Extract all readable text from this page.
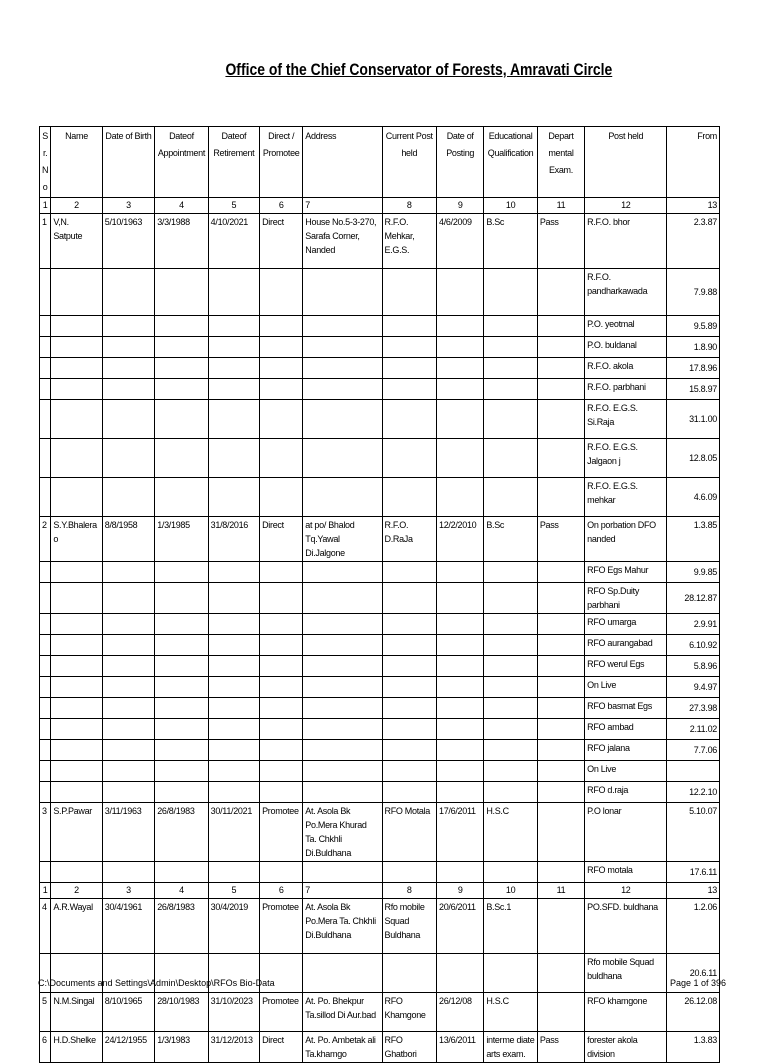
Office of the Chief Conservator of Forests, Amravati Circle
Sr. No	Name	Date of Birth	Dateof Appointment	Dateof Retirement	Direct / Promotee	Address	Current Post held	Date of Posting	Educational Qualification	Depart mental Exam.	Post held	From
1	2	3	4	5	6	7	8	9	10	11	12	13
1	V,N. Satpute	5/10/1963	3/3/1988	4/10/2021	Direct	House No.5-3-270, Sarafa Corner, Nanded	R.F.O. Mehkar, E.G.S.	4/6/2009	B.Sc	Pass	R.F.O. bhor	2.3.87
											R.F.O. pandharkawada	7.9.88
											P.O. yeotmal	9.5.89
											P.O. buldanal	1.8.90
											R.F.O. akola	17.8.96
											R.F.O. parbhani	15.8.97
											R.F.O. E.G.S. Si.Raja	31.1.00
											R.F.O. E.G.S. Jalgaon j	12.8.05
											R.F.O. E.G.S. mehkar	4.6.09
2	S.Y.Bhalerao	8/8/1958	1/3/1985	31/8/2016	Direct	at po/ Bhalod Tq.Yawal Di.Jalgone	R.F.O. D.RaJa	12/2/2010	B.Sc	Pass	On porbation DFO nanded	1.3.85
											RFO Egs Mahur	9.9.85
											RFO Sp.Duity parbhani	28.12.87
											RFO umarga	2.9.91
											RFO aurangabad	6.10.92
											RFO werul Egs	5.8.96
											On Live	9.4.97
											RFO basmat Egs	27.3.98
											RFO ambad	2.11.02
											RFO jalana	7.7.06
											On Live	
											RFO d.raja	12.2.10
3	S.P.Pawar	3/11/1963	26/8/1983	30/11/2021	Promotee	At. Asola Bk Po.Mera Khurad Ta. Chkhli Di.Buldhana	RFO Motala	17/6/2011	H.S.C		P.O lonar	5.10.07
											RFO motala	17.6.11
1	2	3	4	5	6	7	8	9	10	11	12	13
4	A.R.Wayal	30/4/1961	26/8/1983	30/4/2019	Promotee	At. Asola Bk Po.Mera Ta. Chkhli Di.Buldhana	Rfo mobile Squad Buldhana	20/6/2011	B.Sc.1		PO.SFD. buldhana	1.2.06
											Rfo mobile Squad buldhana	20.6.11
5	N.M.Singal	8/10/1965	28/10/1983	31/10/2023	Promotee	At. Po. Bhekpur Ta.sillod Di Aur.bad	RFO Khamgone	26/12/08	H.S.C		RFO khamgone	26.12.08
6	H.D.Shelke	24/12/1955	1/3/1983	31/12/2013	Direct	At. Po. Ambetak ali Ta.khamgo	RFO Ghatbori	13/6/2011	interme diate arts exam.	Pass	forester akola division	1.3.83
C:\Documents and Settings\Admin\Desktop\RFOs Bio-Data	Page 1 of 396
